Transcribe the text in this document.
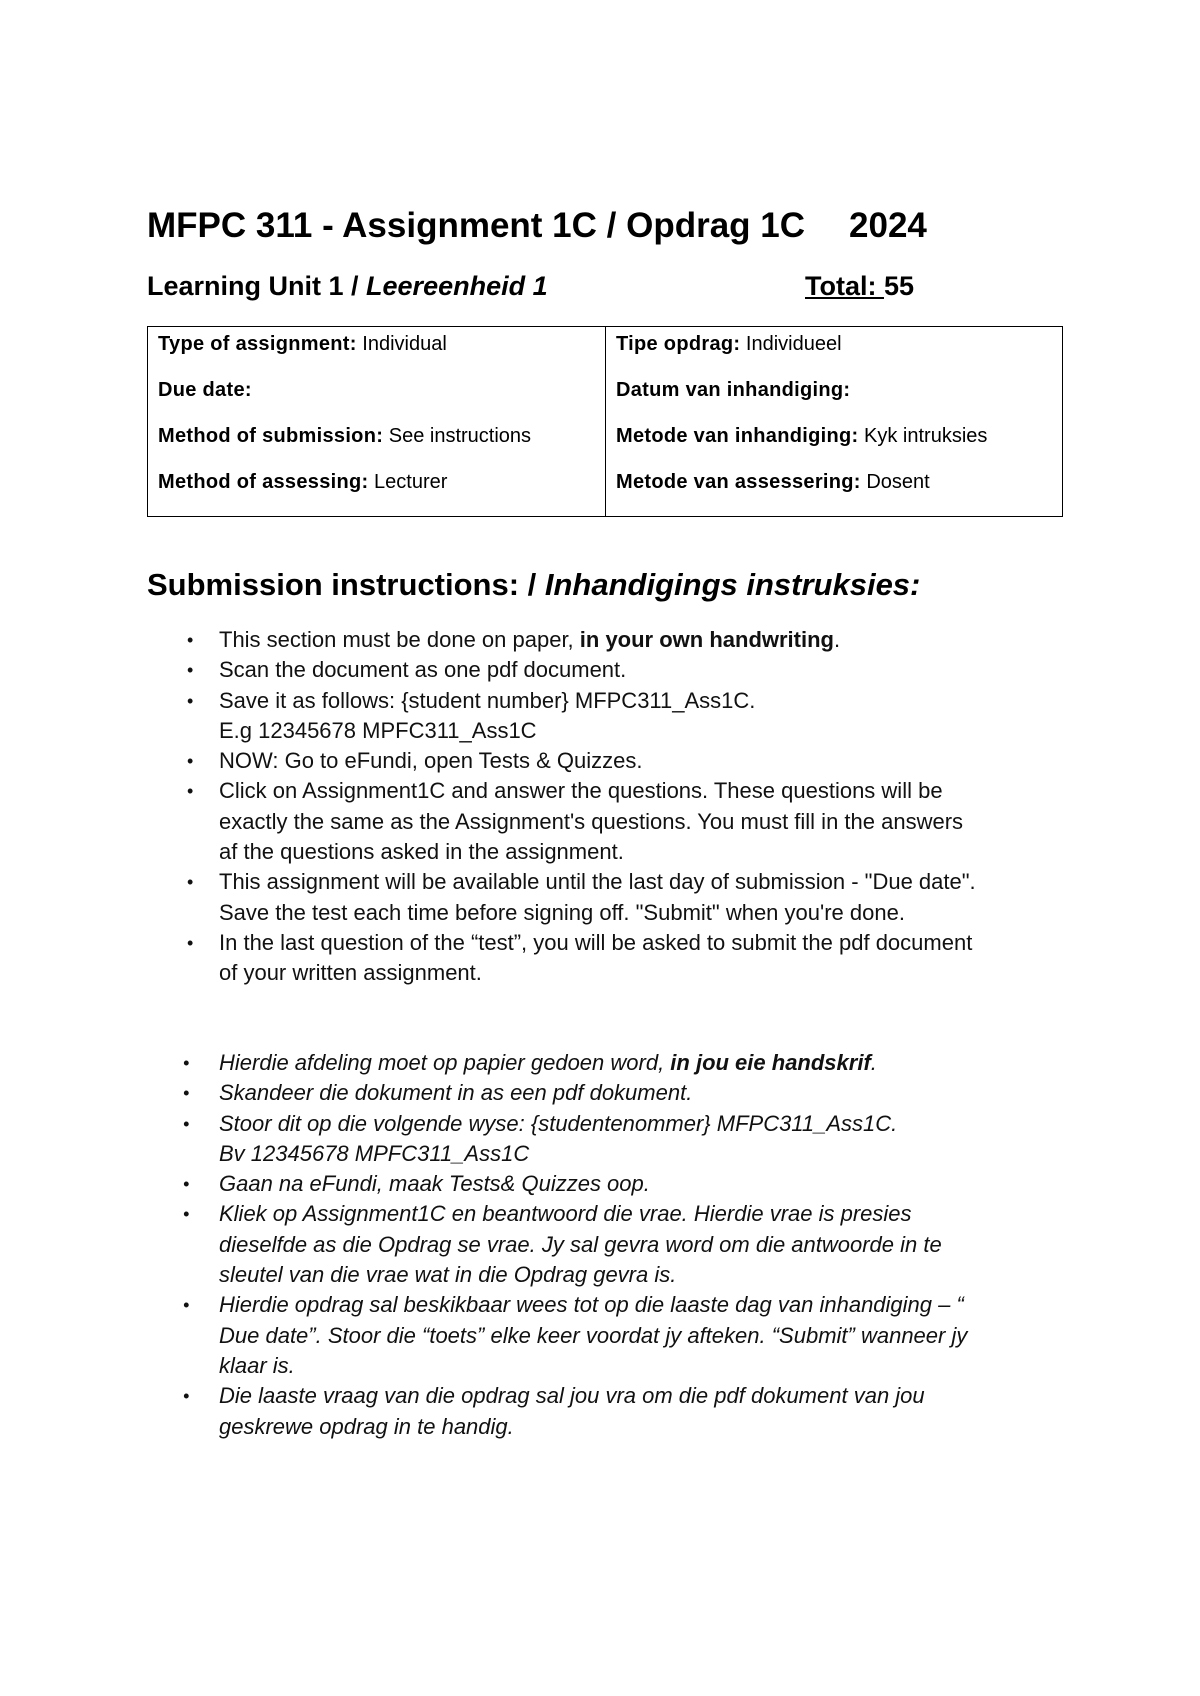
MFPC 311 - Assignment 1C / Opdrag 1C 2024
Learning Unit 1 / Leereenheid 1	Total: 55
Type of assignment: Individual
Due date:
Method of submission: See instructions
Method of assessing: Lecturer

Tipe opdrag: Individueel
Datum van inhandiging:
Metode van inhandiging: Kyk intruksies
Metode van assessering: Dosent
Submission instructions: / Inhandigings instruksies:
• This section must be done on paper, in your own handwriting.
• Scan the document as one pdf document.
• Save it as follows: {student number} MFPC311_Ass1C.
E.g 12345678 MPFC311_Ass1C
• NOW: Go to eFundi, open Tests & Quizzes.
• Click on Assignment1C and answer the questions. These questions will be
exactly the same as the Assignment's questions. You must fill in the answers
af the questions asked in the assignment.
• This assignment will be available until the last day of submission - "Due date".
Save the test each time before signing off. "Submit" when you're done.
• In the last question of the “test”, you will be asked to submit the pdf document
of your written assignment.
• Hierdie afdeling moet op papier gedoen word, in jou eie handskrif.
• Skandeer die dokument in as een pdf dokument.
• Stoor dit op die volgende wyse: {studentenommer} MFPC311_Ass1C.
Bv 12345678 MPFC311_Ass1C
• Gaan na eFundi, maak Tests& Quizzes oop.
• Kliek op Assignment1C en beantwoord die vrae. Hierdie vrae is presies
dieselfde as die Opdrag se vrae. Jy sal gevra word om die antwoorde in te
sleutel van die vrae wat in die Opdrag gevra is.
• Hierdie opdrag sal beskikbaar wees tot op die laaste dag van inhandiging – “
Due date”. Stoor die “toets” elke keer voordat jy afteken. “Submit” wanneer jy
klaar is.
• Die laaste vraag van die opdrag sal jou vra om die pdf dokument van jou
geskrewe opdrag in te handig.
